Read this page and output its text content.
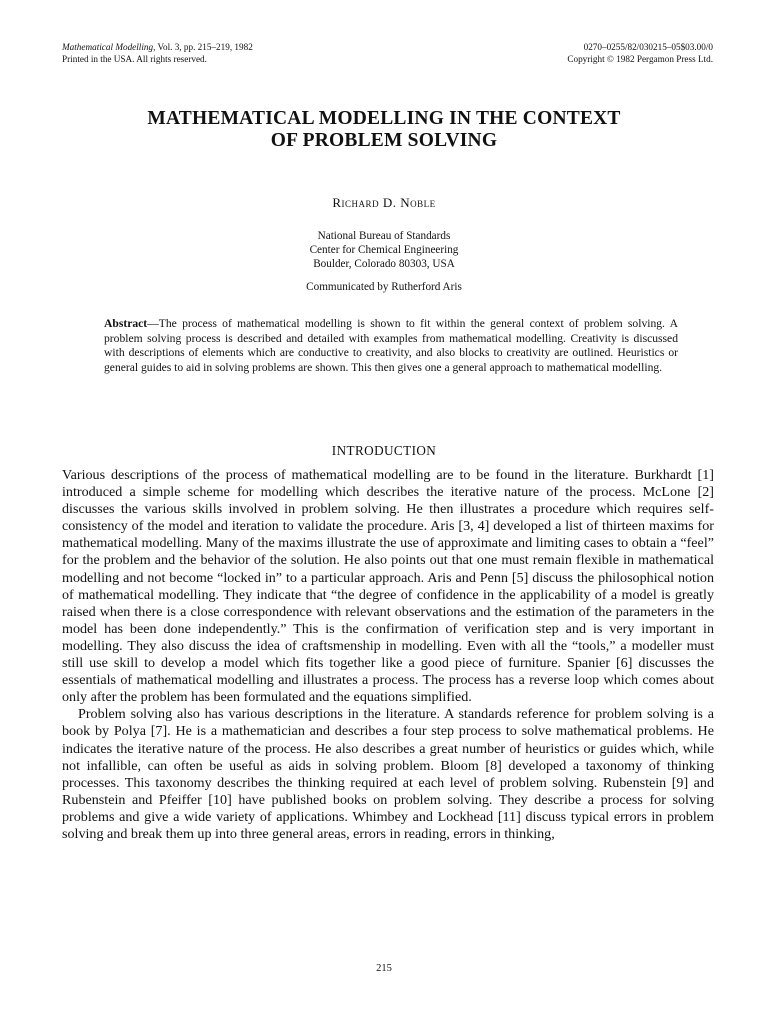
Mathematical Modelling, Vol. 3, pp. 215–219, 1982
Printed in the USA. All rights reserved.
0270–0255/82/030215–05$03.00/0
Copyright © 1982 Pergamon Press Ltd.
MATHEMATICAL MODELLING IN THE CONTEXT
OF PROBLEM SOLVING
Richard D. Noble
National Bureau of Standards
Center for Chemical Engineering
Boulder, Colorado 80303, USA
Communicated by Rutherford Aris
Abstract—The process of mathematical modelling is shown to fit within the general context of problem solving. A problem solving process is described and detailed with examples from mathematical modelling. Creativity is discussed with descriptions of elements which are conductive to creativity, and also blocks to creativity are outlined. Heuristics or general guides to aid in solving problems are shown. This then gives one a general approach to mathematical modelling.
INTRODUCTION

Various descriptions of the process of mathematical modelling are to be found in the literature. Burkhardt [1] introduced a simple scheme for modelling which describes the iterative nature of the process. McLone [2] discusses the various skills involved in problem solving. He then illustrates a procedure which requires self-consistency of the model and iteration to validate the procedure. Aris [3, 4] developed a list of thirteen maxims for mathematical modelling. Many of the maxims illustrate the use of approximate and limiting cases to obtain a “feel” for the problem and the behavior of the solution. He also points out that one must remain flexible in mathematical modelling and not become “locked in” to a particular approach. Aris and Penn [5] discuss the philosophical notion of mathematical modelling. They indicate that “the degree of confidence in the applicability of a model is greatly raised when there is a close correspondence with relevant observations and the estimation of the parameters in the model has been done independently.” This is the confirmation of verification step and is very important in modelling. They also discuss the idea of craftsmenship in modelling. Even with all the “tools,” a modeller must still use skill to develop a model which fits together like a good piece of furniture. Spanier [6] discusses the essentials of mathematical modelling and illustrates a process. The process has a reverse loop which comes about only after the problem has been formulated and the equations simplified.

Problem solving also has various descriptions in the literature. A standards reference for problem solving is a book by Polya [7]. He is a mathematician and describes a four step process to solve mathematical problems. He indicates the iterative nature of the process. He also describes a great number of heuristics or guides which, while not infallible, can often be useful as aids in solving problem. Bloom [8] developed a taxonomy of thinking processes. This taxonomy describes the thinking required at each level of problem solving. Rubenstein [9] and Rubenstein and Pfeiffer [10] have published books on problem solving. They describe a process for solving problems and give a wide variety of applications. Whimbey and Lockhead [11] discuss typical errors in problem solving and break them up into three general areas, errors in reading, errors in thinking,

215
